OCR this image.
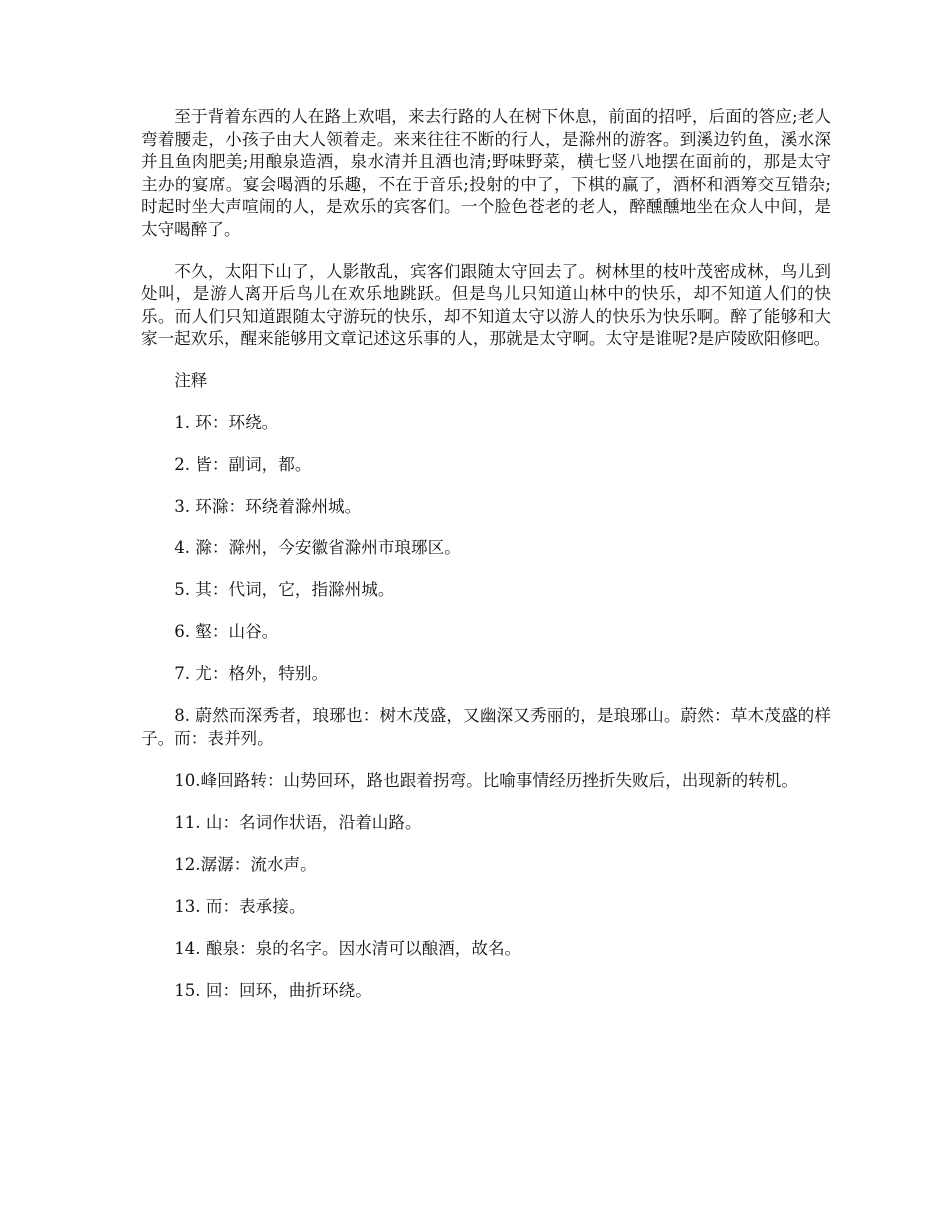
至于背着东西的人在路上欢唱，来去行路的人在树下休息，前面的招呼，后面的答应;老人弯着腰走，小孩子由大人领着走。来来往往不断的行人，是滁州的游客。到溪边钓鱼，溪水深并且鱼肉肥美;用酿泉造酒，泉水清并且酒也清;野味野菜，横七竖八地摆在面前的，那是太守主办的宴席。宴会喝酒的乐趣，不在于音乐;投射的中了，下棋的赢了，酒杯和酒筹交互错杂;时起时坐大声喧闹的人，是欢乐的宾客们。一个脸色苍老的老人，醉醺醺地坐在众人中间，是太守喝醉了。

不久，太阳下山了，人影散乱，宾客们跟随太守回去了。树林里的枝叶茂密成林，鸟儿到处叫，是游人离开后鸟儿在欢乐地跳跃。但是鸟儿只知道山林中的快乐，却不知道人们的快乐。而人们只知道跟随太守游玩的快乐，却不知道太守以游人的快乐为快乐啊。醉了能够和大家一起欢乐，醒来能够用文章记述这乐事的人，那就是太守啊。太守是谁呢?是庐陵欧阳修吧。

注释

1. 环：环绕。
2. 皆：副词，都。
3. 环滁：环绕着滁州城。
4. 滁：滁州，今安徽省滁州市琅琊区。
5. 其：代词，它，指滁州城。
6. 壑：山谷。
7. 尤：格外，特别。
8. 蔚然而深秀者，琅琊也：树木茂盛，又幽深又秀丽的，是琅琊山。蔚然：草木茂盛的样子。而：表并列。
10.峰回路转：山势回环，路也跟着拐弯。比喻事情经历挫折失败后，出现新的转机。
11. 山：名词作状语，沿着山路。
12.潺潺：流水声。
13. 而：表承接。
14. 酿泉：泉的名字。因水清可以酿酒，故名。
15. 回：回环，曲折环绕。
